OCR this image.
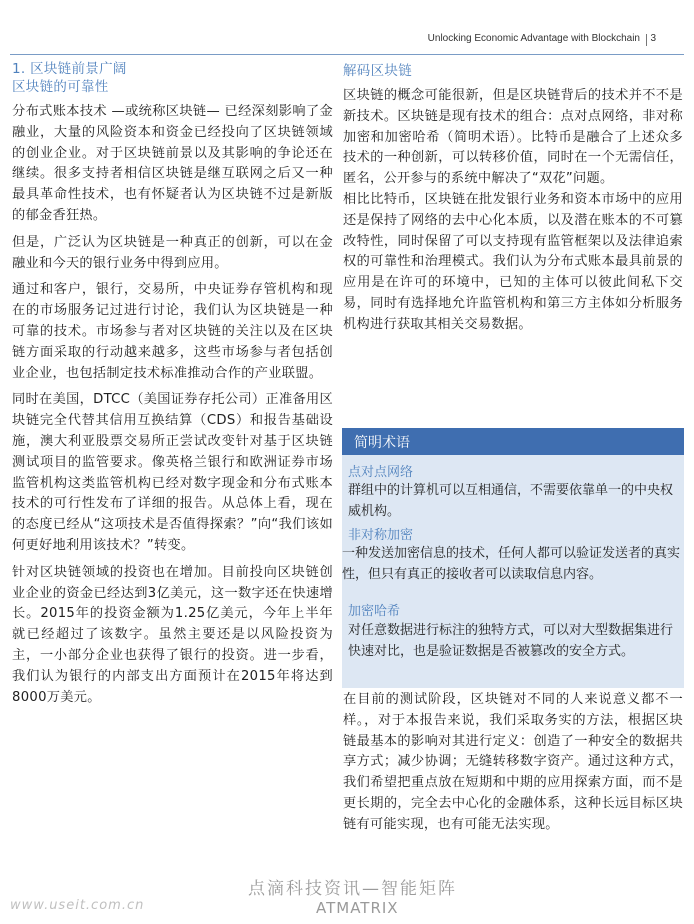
Unlocking Economic Advantage with Blockchain 3
1. 区块链前景广阔
区块链的可靠性

分布式账本技术 —或统称区块链— 已经深刻影响了金融业，大量的风险资本和资金已经投向了区块链领域的创业企业。对于区块链前景以及其影响的争论还在继续。很多支持者相信区块链是继互联网之后又一种最具革命性技术，也有怀疑者认为区块链不过是新版的郁金香狂热。

但是，广泛认为区块链是一种真正的创新，可以在金融业和今天的银行业务中得到应用。

通过和客户，银行，交易所，中央证券存管机构和现在的市场服务记过进行讨论，我们认为区块链是一种可靠的技术。市场参与者对区块链的关注以及在区块链方面采取的行动越来越多，这些市场参与者包括创业企业，也包括制定技术标准推动合作的产业联盟。

同时在美国，DTCC（美国证券存托公司）正准备用区块链完全代替其信用互换结算（CDS）和报告基础设施，澳大利亚股票交易所正尝试改变针对基于区块链测试项目的监管要求。像英格兰银行和欧洲证券市场监管机构这类监管机构已经对数字现金和分布式账本技术的可行性发布了详细的报告。从总体上看，现在的态度已经从“这项技术是否值得探索？”向“我们该如何更好地利用该技术？”转变。

针对区块链领域的投资也在增加。目前投向区块链创业企业的资金已经达到3亿美元，这一数字还在快速增长。2015年的投资金额为1.25亿美元，今年上半年就已经超过了该数字。虽然主要还是以风险投资为主，一小部分企业也获得了银行的投资。进一步看，我们认为银行的内部支出方面预计在2015年将达到8000万美元。

解码区块链

区块链的概念可能很新，但是区块链背后的技术并不不是新技术。区块链是现有技术的组合：点对点网络，非对称加密和加密哈希（简明术语）。比特币是融合了上述众多技术的一种创新，可以转移价值，同时在一个无需信任，匿名，公开参与的系统中解决了“双花”问题。

相比比特币，区块链在批发银行业务和资本市场中的应用还是保持了网络的去中心化本质，以及潜在账本的不可篡改特性，同时保留了可以支持现有监管框架以及法律追索权的可靠性和治理模式。我们认为分布式账本最具前景的应用是在许可的环境中，已知的主体可以彼此间私下交易，同时有选择地允许监管机构和第三方主体如分析服务机构进行获取其相关交易数据。

简明术语
点对点网络
群组中的计算机可以互相通信，不需要依靠单一的中央权威机构。
非对称加密
一种发送加密信息的技术，任何人都可以验证发送者的真实性，但只有真正的接收者可以读取信息内容。
加密哈希
对任意数据进行标注的独特方式，可以对大型数据集进行快速对比，也是验证数据是否被篡改的安全方式。

在目前的测试阶段，区块链对不同的人来说意义都不一样。，对于本报告来说，我们采取务实的方法，根据区块链最基本的影响对其进行定义：创造了一种安全的数据共享方式；减少协调；无缝转移数字资产。通过这种方式，我们希望把重点放在短期和中期的应用探索方面，而不是更长期的，完全去中心化的金融体系，这种长远目标区块链有可能实现，也有可能无法实现。

www.useit.com.cn
点滴科技资讯—智能矩阵
ATMATRIX
